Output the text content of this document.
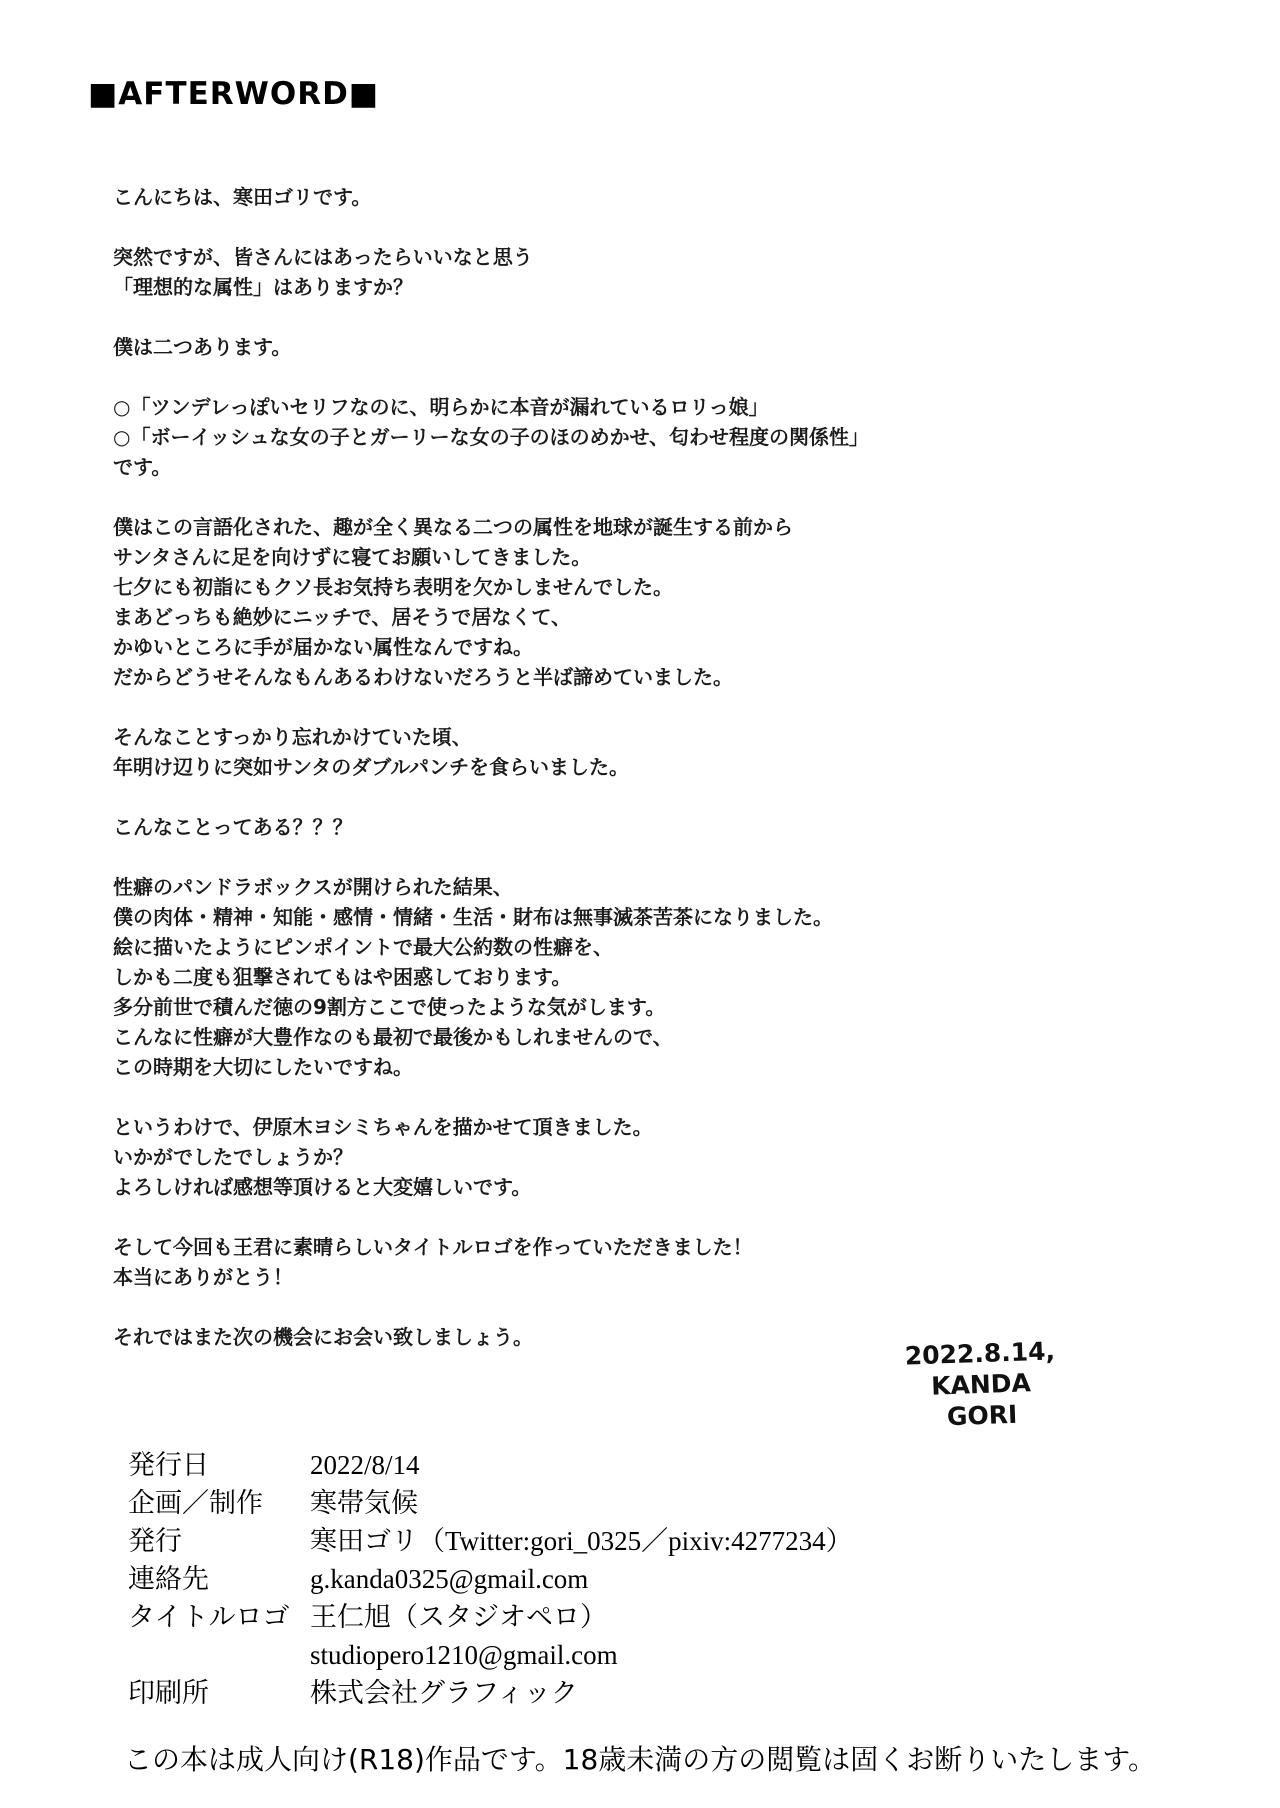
■AFTERWORD■
こんにちは、寒田ゴリです。
突然ですが、皆さんにはあったらいいなと思う
「理想的な属性」はありますか？
僕は二つあります。
○「ツンデレっぽいセリフなのに、明らかに本音が漏れているロリっ娘」
○「ボーイッシュな女の子とガーリーな女の子のほのめかせ、匂わせ程度の関係性」
です。
僕はこの言語化された、趣が全く異なる二つの属性を地球が誕生する前から
サンタさんに足を向けずに寝てお願いしてきました。
七夕にも初詣にもクソ長お気持ち表明を欠かしませんでした。
まあどっちも絶妙にニッチで、居そうで居なくて、
かゆいところに手が届かない属性なんですね。
だからどうせそんなもんあるわけないだろうと半ば諦めていました。
そんなことすっかり忘れかけていた頃、
年明け辺りに突如サンタのダブルパンチを食らいました。
こんなことってある？？？
性癖のパンドラボックスが開けられた結果、
僕の肉体・精神・知能・感情・情緒・生活・財布は無事滅茶苦茶になりました。
絵に描いたようにピンポイントで最大公約数の性癖を、
しかも二度も狙撃されてもはや困惑しております。
多分前世で積んだ徳の9割方ここで使ったような気がします。
こんなに性癖が大豊作なのも最初で最後かもしれませんので、
この時期を大切にしたいですね。
というわけで、伊原木ヨシミちゃんを描かせて頂きました。
いかがでしたでしょうか？
よろしければ感想等頂けると大変嬉しいです。
そして今回も王君に素晴らしいタイトルロゴを作っていただきました！
本当にありがとう！
それではまた次の機会にお会い致しましょう。	2022.8.14,
KANDA
GORI
発行日	2022/8/14
企画／制作	寒帯気候
発行	寒田ゴリ（Twitter:gori_0325／pixiv:4277234）
連絡先	g.kanda0325@gmail.com
タイトルロゴ 王仁旭（スタジオペロ）
studiopero1210@gmail.com
印刷所	株式会社グラフィック
この本は成人向け(R18)作品です。18歳未満の方の閲覧は固くお断りいたします。
